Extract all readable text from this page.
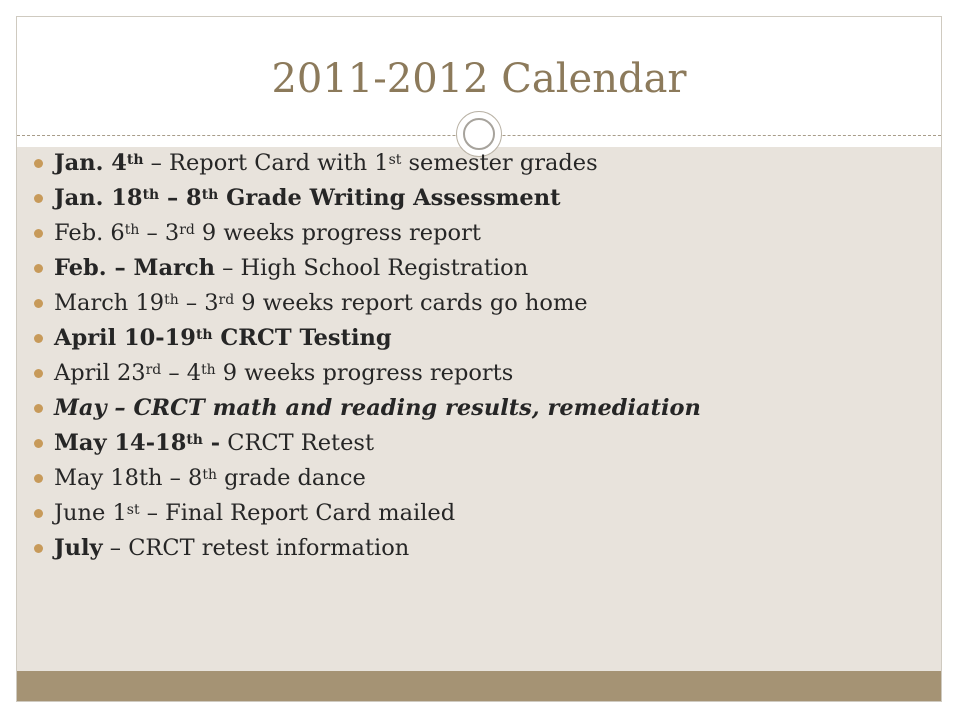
2011-2012 Calendar
Jan. 4th – Report Card with 1st semester grades
Jan. 18th – 8th Grade Writing Assessment
Feb. 6th – 3rd 9 weeks progress report
Feb. – March – High School Registration
March 19th – 3rd 9 weeks report cards go home
April 10-19th CRCT Testing
April 23rd – 4th 9 weeks progress reports
May – CRCT math and reading results, remediation
May 14-18th - CRCT Retest
May 18th – 8th grade dance
June 1st – Final Report Card mailed
July – CRCT retest information
